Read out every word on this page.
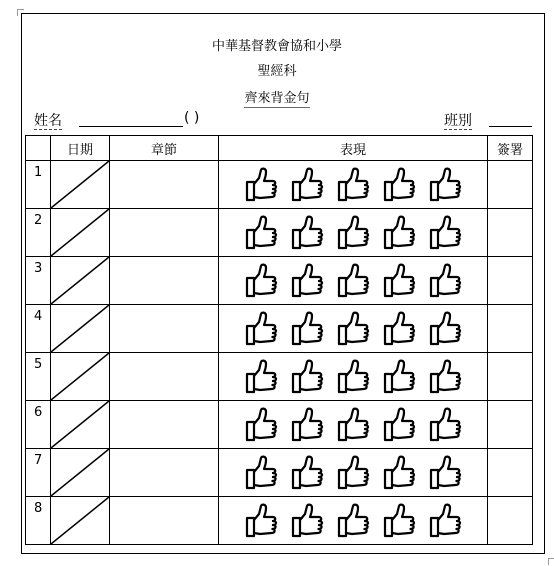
中華基督教會協和小學
聖經科
齊來背金句
姓名	( )	班別
	日期	章節	表現	簽署

1

2

3

4

5

6

7

8
